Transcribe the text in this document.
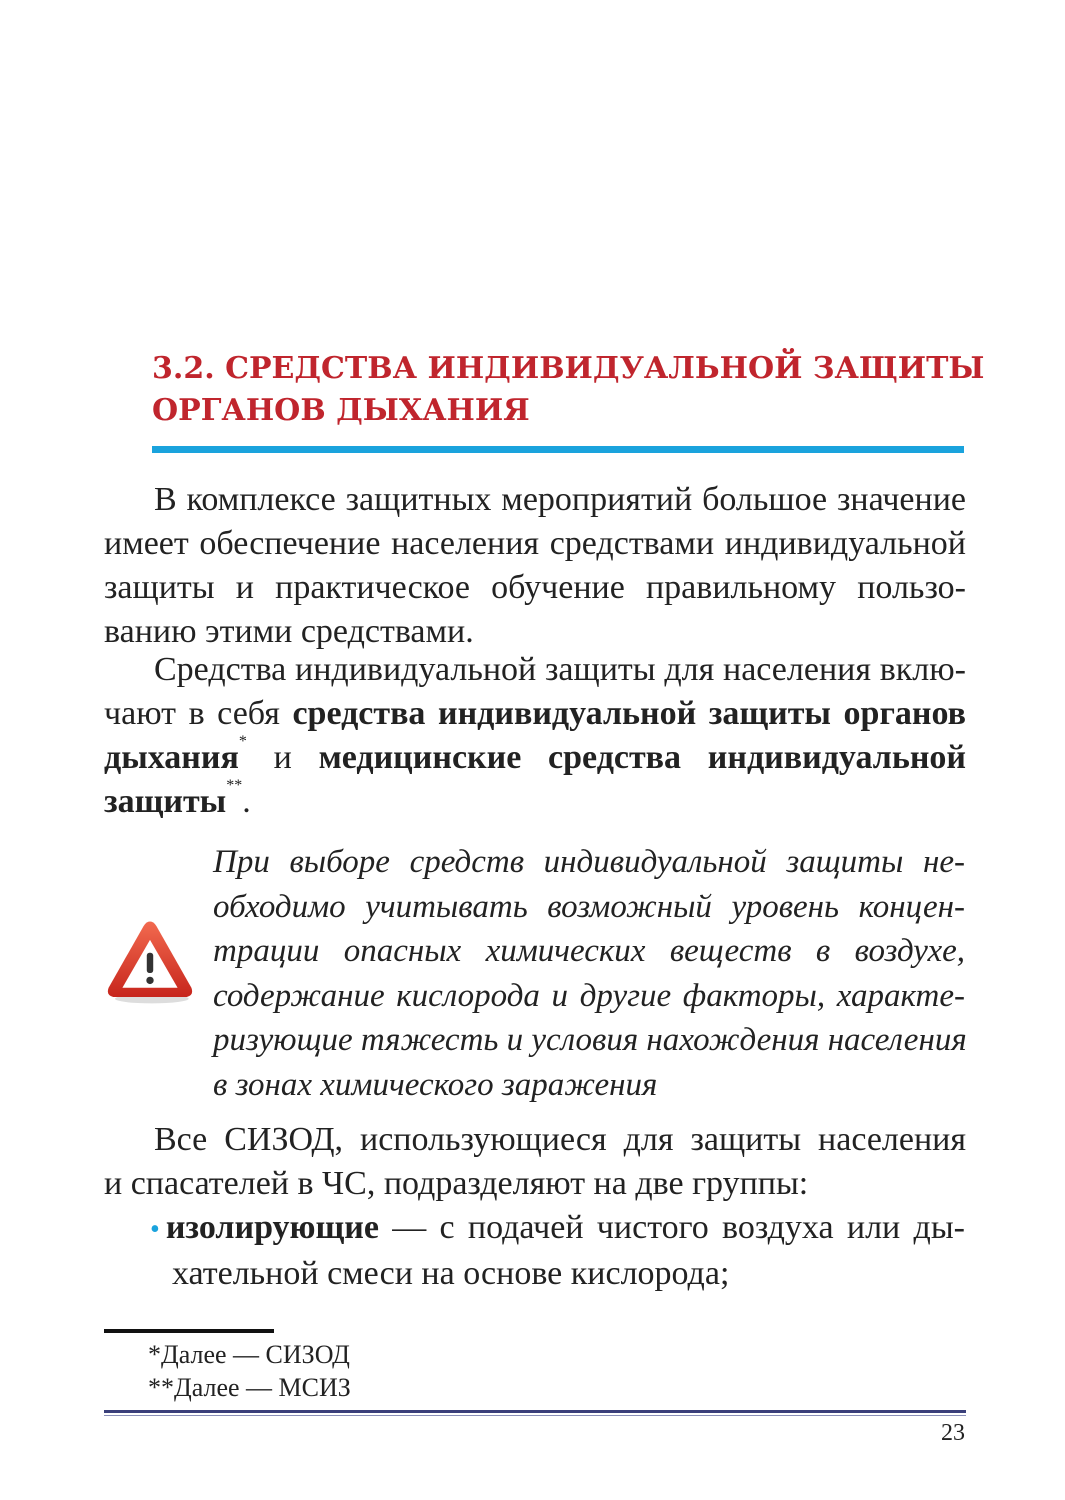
3.2. СРЕДСТВА ИНДИВИДУАЛЬНОЙ ЗАЩИТЫ
ОРГАНОВ ДЫХАНИЯ

В комплексе защитных мероприятий большое значение
имеет обеспечение населения средствами индивидуальной
защиты и практическое обучение правильному пользо-
ванию этими средствами.

Средства индивидуальной защиты для населения вклю-
чают в себя средства индивидуальной защиты органов
дыхания* и медицинские средства индивидуальной
защиты**.

При выборе средств индивидуальной защиты не-
обходимо учитывать возможный уровень концен-
трации опасных химических веществ в воздухе,
содержание кислорода и другие факторы, характе-
ризующие тяжесть и условия нахождения населения
в зонах химического заражения

Все СИЗОД, использующиеся для защиты населения
и спасателей в ЧС, подразделяют на две группы:

• изолирующие — с подачей чистого воздуха или ды-
хательной смеси на основе кислорода;
*Далее — СИЗОД
**Далее — МСИЗ

23
